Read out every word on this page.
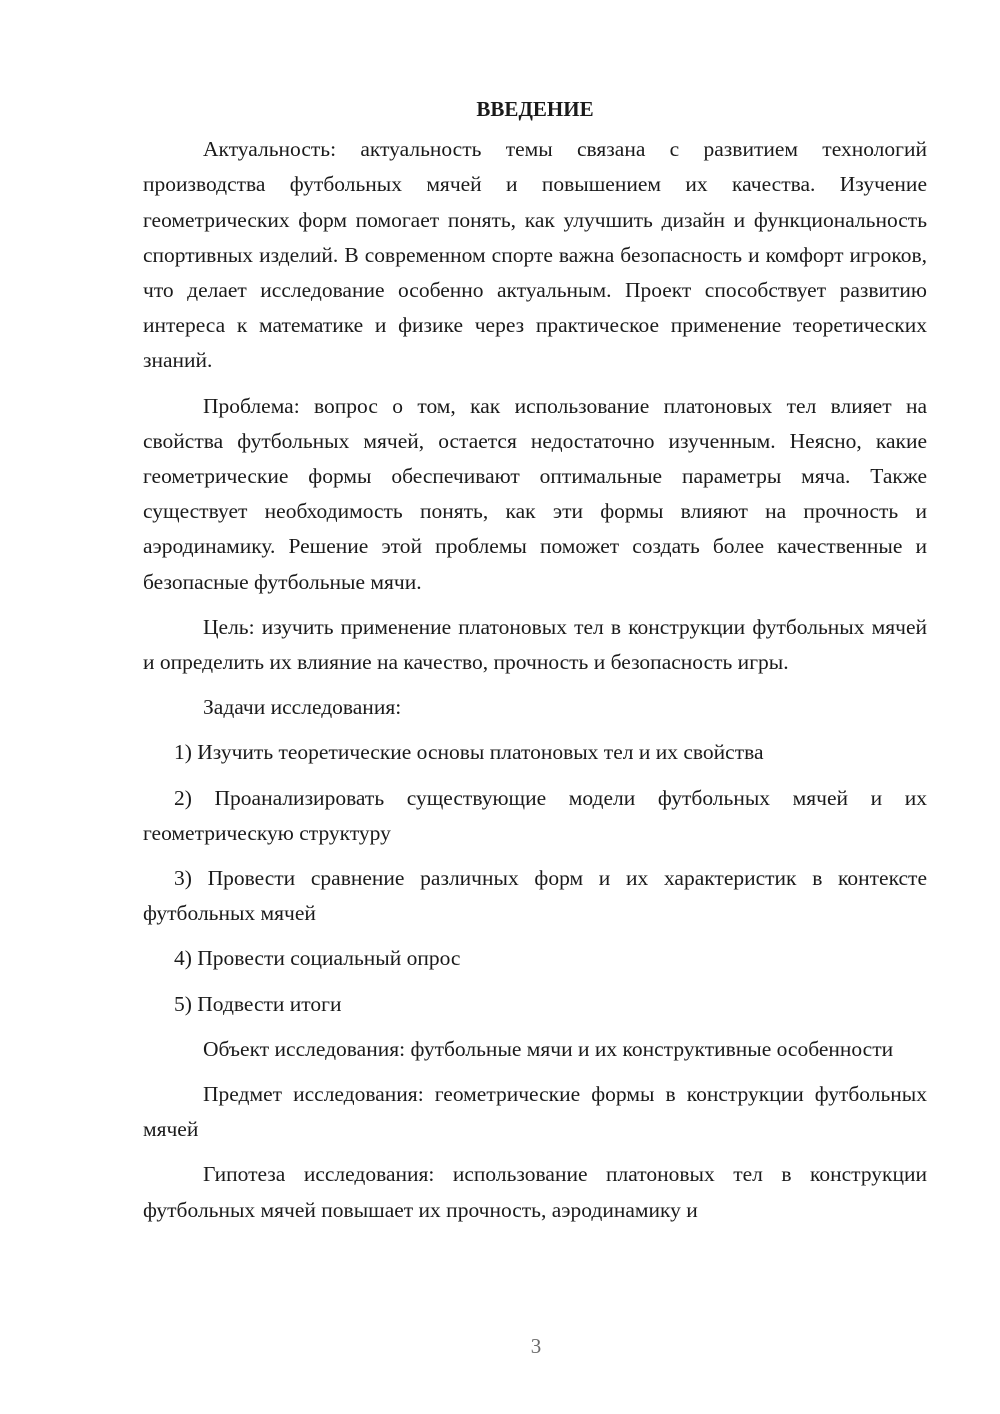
ВВЕДЕНИЕ

Актуальность: актуальность темы связана с развитием технологий производства футбольных мячей и повышением их качества. Изучение геометрических форм помогает понять, как улучшить дизайн и функциональность спортивных изделий. В современном спорте важна безопасность и комфорт игроков, что делает исследование особенно актуальным. Проект способствует развитию интереса к математике и физике через практическое применение теоретических знаний.

Проблема: вопрос о том, как использование платоновых тел влияет на свойства футбольных мячей, остается недостаточно изученным. Неясно, какие геометрические формы обеспечивают оптимальные параметры мяча. Также существует необходимость понять, как эти формы влияют на прочность и аэродинамику. Решение этой проблемы поможет создать более качественные и безопасные футбольные мячи.

Цель: изучить применение платоновых тел в конструкции футбольных мячей и определить их влияние на качество, прочность и безопасность игры.

Задачи исследования:

1) Изучить теоретические основы платоновых тел и их свойства

2) Проанализировать существующие модели футбольных мячей и их геометрическую структуру

3) Провести сравнение различных форм и их характеристик в контексте футбольных мячей

4) Провести социальный опрос

5) Подвести итоги

Объект исследования: футбольные мячи и их конструктивные особенности

Предмет исследования: геометрические формы в конструкции футбольных мячей

Гипотеза исследования: использование платоновых тел в конструкции футбольных мячей повышает их прочность, аэродинамику и

3
